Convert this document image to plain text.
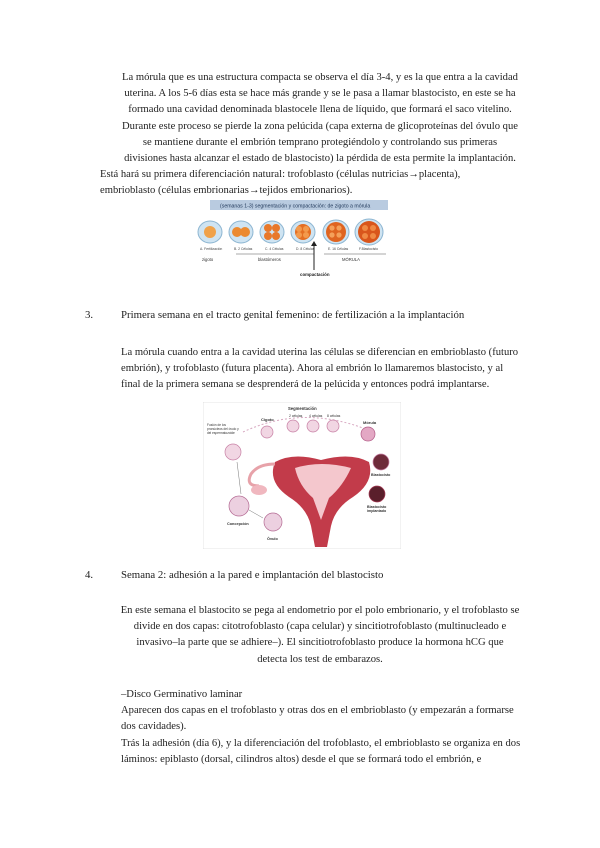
La mórula que es una estructura compacta se observa el día 3-4, y es la que entra a la cavidad
uterina. A los 5-6 días esta se hace más grande y se le pasa a llamar blastocisto, en este se ha
formado una cavidad denominada blastocele llena de líquido, que formará el saco vitelino.
Durante este proceso se pierde la zona pelúcida (capa externa de glicoproteínas del óvulo que
se mantiene durante el embrión temprano protegiéndolo y controlando sus primeras
divisiones hasta alcanzar el estado de blastocisto) la pérdida de esta permite la implantación.
Está hará su primera diferenciación natural: trofoblasto (células nutricias→placenta),
embrioblasto (células embrionarias→tejidos embrionarios).
(semanas 1-3) segmentación y compactación: de zigoto a mórula
A. Fertilización	B. 2 Células	C. 4 Células	D. 8 Células	E. 16 Células	F.Blastocisto
zigoto	blastómeros	MÓRULA
compactación
3.	Primera semana en el tracto genital femenino: de fertilización a la implantación
La mórula cuando entra a la cavidad uterina las células se diferencian en embrioblasto (futuro
embrión), y trofoblasto (futura placenta). Ahora al embrión lo llamaremos blastocisto, y al
final de la primera semana se desprenderá de la pelúcida y entonces podrá implantarse.
Segmentación
2 células 4 células 8 células
Cigoto
Mórula
Fusión de los
pronúcleos del óvulo y
del espermatozoide
Blastocisto
Blastocisto
implantado
Concepción
Óvulo
4.	Semana 2: adhesión a la pared e implantación del blastocisto
En este semana el blastocito se pega al endometrio por el polo embrionario, y el trofoblasto se
divide en dos capas: citotrofoblasto (capa celular) y sincitiotrofoblasto (multinucleado e
invasivo–la parte que se adhiere–). El sincitiotrofoblasto produce la hormona hCG que
detecta los test de embarazos.
–Disco Germinativo laminar
Aparecen dos capas en el trofoblasto y otras dos en el embrioblasto (y empezarán a formarse
dos cavidades).
Trás la adhesión (día 6), y la diferenciación del trofoblasto, el embrioblasto se organiza en dos
láminos: epiblasto (dorsal, cilindros altos) desde el que se formará todo el embrión, e
